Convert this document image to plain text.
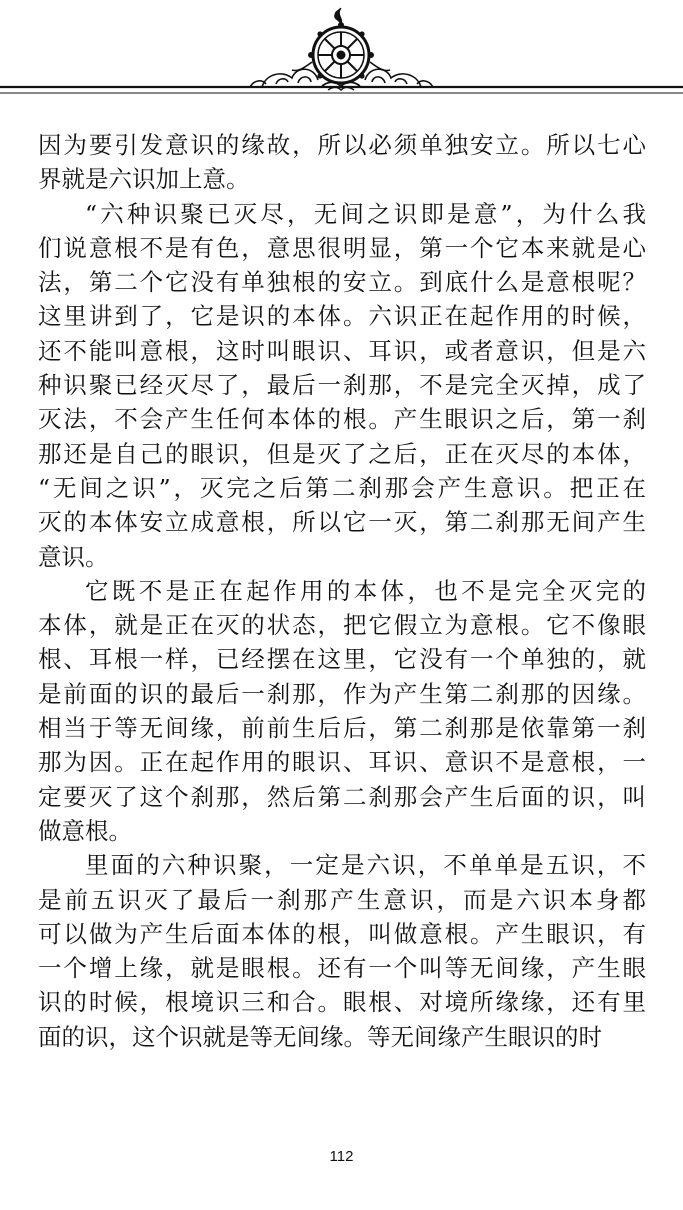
因为要引发意识的缘故，所以必须单独安立。所以七心
界就是六识加上意。
“六种识聚已灭尽，无间之识即是意”，为什么我
们说意根不是有色，意思很明显，第一个它本来就是心
法，第二个它没有单独根的安立。到底什么是意根呢？
这里讲到了，它是识的本体。六识正在起作用的时候，
还不能叫意根，这时叫眼识、耳识，或者意识，但是六
种识聚已经灭尽了，最后一刹那，不是完全灭掉，成了
灭法，不会产生任何本体的根。产生眼识之后，第一刹
那还是自己的眼识，但是灭了之后，正在灭尽的本体，
“无间之识”，灭完之后第二刹那会产生意识。把正在
灭的本体安立成意根，所以它一灭，第二刹那无间产生
意识。
它既不是正在起作用的本体，也不是完全灭完的
本体，就是正在灭的状态，把它假立为意根。它不像眼
根、耳根一样，已经摆在这里，它没有一个单独的，就
是前面的识的最后一刹那，作为产生第二刹那的因缘。
相当于等无间缘，前前生后后，第二刹那是依靠第一刹
那为因。正在起作用的眼识、耳识、意识不是意根，一
定要灭了这个刹那，然后第二刹那会产生后面的识，叫
做意根。
里面的六种识聚，一定是六识，不单单是五识，不
是前五识灭了最后一刹那产生意识，而是六识本身都
可以做为产生后面本体的根，叫做意根。产生眼识，有
一个增上缘，就是眼根。还有一个叫等无间缘，产生眼
识的时候，根境识三和合。眼根、对境所缘缘，还有里
面的识，这个识就是等无间缘。等无间缘产生眼识的时
112
